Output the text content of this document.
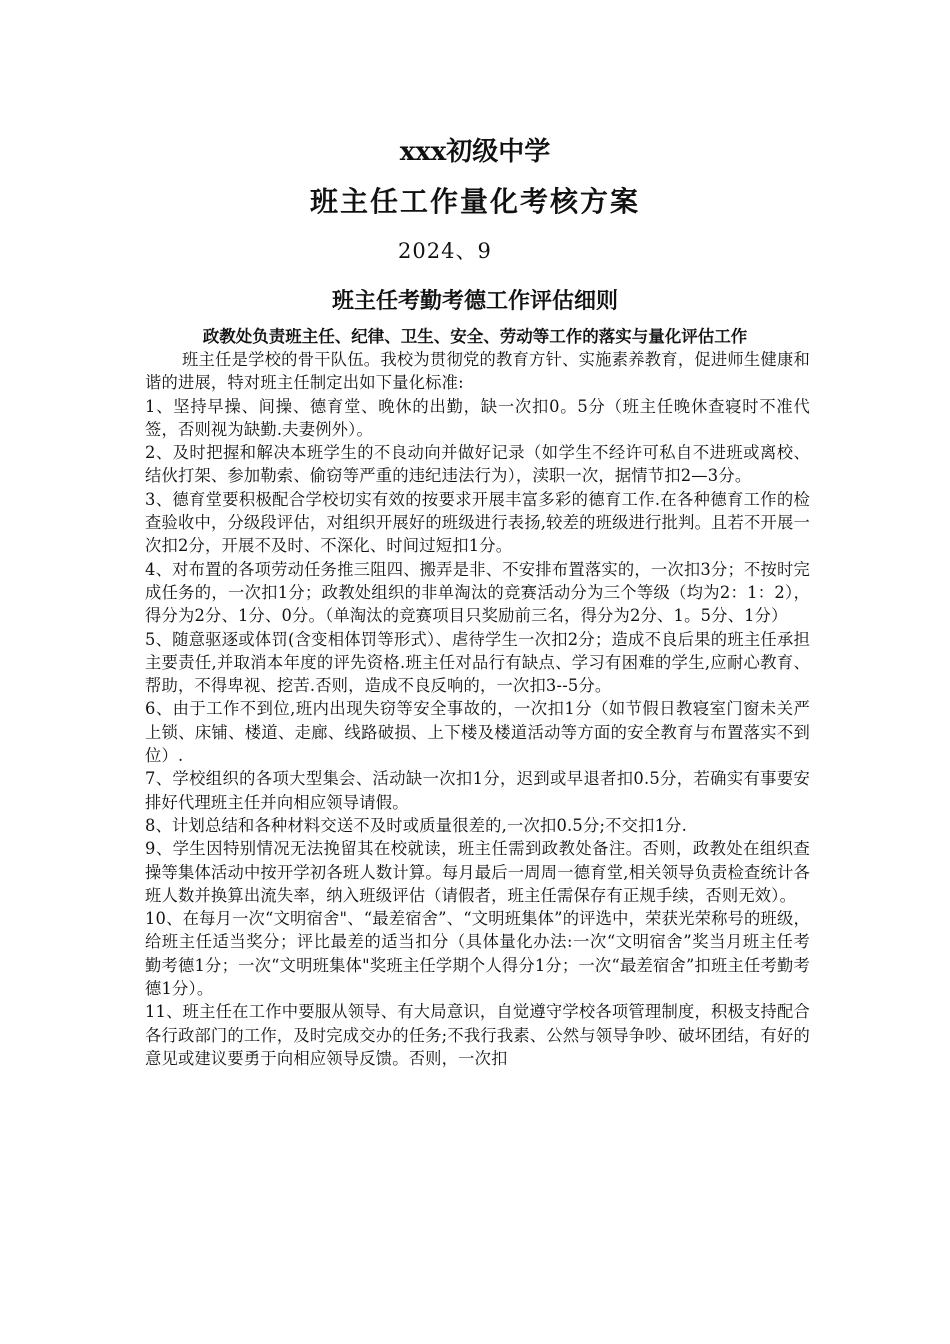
xxx初级中学
班主任工作量化考核方案
2024、9
班主任考勤考德工作评估细则
政教处负责班主任、纪律、卫生、安全、劳动等工作的落实与量化评估工作

班主任是学校的骨干队伍。我校为贯彻党的教育方针、实施素养教育，促进师生健康和谐的进展，特对班主任制定出如下量化标准:

1、坚持早操、间操、德育堂、晚休的出勤，缺一次扣0。5分（班主任晚休查寝时不准代签，否则视为缺勤.夫妻例外）。

2、及时把握和解决本班学生的不良动向并做好记录（如学生不经许可私自不进班或离校、结伙打架、参加勒索、偷窃等严重的违纪违法行为），渎职一次，据情节扣2—3分。

3、德育堂要积极配合学校切实有效的按要求开展丰富多彩的德育工作.在各种德育工作的检查验收中，分级段评估，对组织开展好的班级进行表扬,较差的班级进行批判。且若不开展一次扣2分，开展不及时、不深化、时间过短扣1分。

4、对布置的各项劳动任务推三阻四、搬弄是非、不安排布置落实的，一次扣3分；不按时完成任务的，一次扣1分；政教处组织的非单淘汰的竞赛活动分为三个等级（均为2：1：2），得分为2分、1分、0分。（单淘汰的竞赛项目只奖励前三名，得分为2分、1。5分、1分）

5、随意驱逐或体罚(含变相体罚等形式）、虐待学生一次扣2分；造成不良后果的班主任承担主要责任,并取消本年度的评先资格.班主任对品行有缺点、学习有困难的学生,应耐心教育、帮助，不得卑视、挖苦.否则，造成不良反响的，一次扣3--5分。

6、由于工作不到位,班内出现失窃等安全事故的，一次扣1分（如节假日教寝室门窗未关严上锁、床铺、楼道、走廊、线路破损、上下楼及楼道活动等方面的安全教育与布置落实不到位）.

7、学校组织的各项大型集会、活动缺一次扣1分，迟到或早退者扣0.5分，若确实有事要安排好代理班主任并向相应领导请假。

8、计划总结和各种材料交送不及时或质量很差的,一次扣0.5分;不交扣1分.

9、学生因特别情况无法挽留其在校就读，班主任需到政教处备注。否则，政教处在组织查操等集体活动中按开学初各班人数计算。每月最后一周周一德育堂,相关领导负责检查统计各班人数并换算出流失率，纳入班级评估（请假者，班主任需保存有正规手续，否则无效）。

10、在每月一次“文明宿舍"、“最差宿舍”、“文明班集体”的评选中，荣获光荣称号的班级，给班主任适当奖分；评比最差的适当扣分（具体量化办法:一次“文明宿舍”奖当月班主任考勤考德1分；一次“文明班集体"奖班主任学期个人得分1分；一次“最差宿舍”扣班主任考勤考德1分）。

11、班主任在工作中要服从领导、有大局意识，自觉遵守学校各项管理制度，积极支持配合各行政部门的工作，及时完成交办的任务;不我行我素、公然与领导争吵、破坏团结，有好的意见或建议要勇于向相应领导反馈。否则，一次扣
